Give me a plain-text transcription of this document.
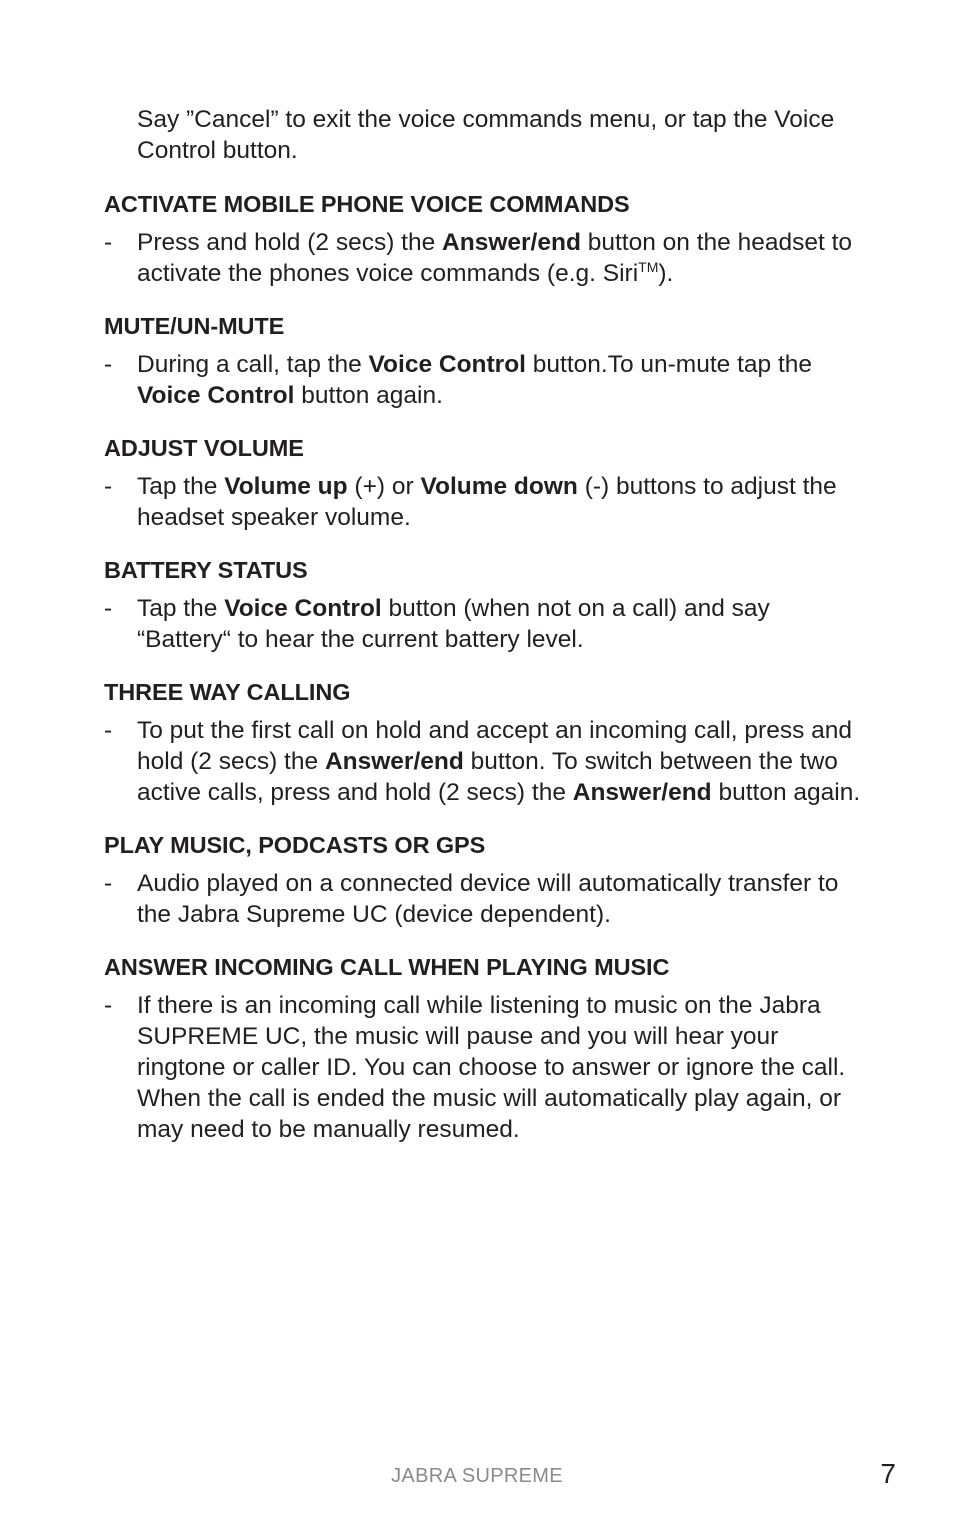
Say ”Cancel” to exit the voice commands menu, or tap the Voice Control button.

ACTIVATE MOBILE PHONE VOICE COMMANDS
- Press and hold (2 secs) the Answer/end button on the headset to activate the phones voice commands (e.g. Siri™).
MUTE/UN-MUTE
- During a call, tap the Voice Control button.To un-mute tap the Voice Control button again.
ADJUST VOLUME
- Tap the Volume up (+) or Volume down (-) buttons to adjust the headset speaker volume.
BATTERY STATUS
- Tap the Voice Control button (when not on a call) and say “Battery“ to hear the current battery level.
THREE WAY CALLING
- To put the first call on hold and accept an incoming call, press and hold (2 secs) the Answer/end button. To switch between the two active calls, press and hold (2 secs) the Answer/end button again.
PLAY MUSIC, PODCASTS OR GPS
- Audio played on a connected device will automatically transfer to the Jabra Supreme UC (device dependent).
ANSWER INCOMING CALL WHEN PLAYING MUSIC
- If there is an incoming call while listening to music on the Jabra SUPREME UC, the music will pause and you will hear your ringtone or caller ID. You can choose to answer or ignore the call. When the call is ended the music will automatically play again, or may need to be manually resumed.
JABRA SUPREME	7
